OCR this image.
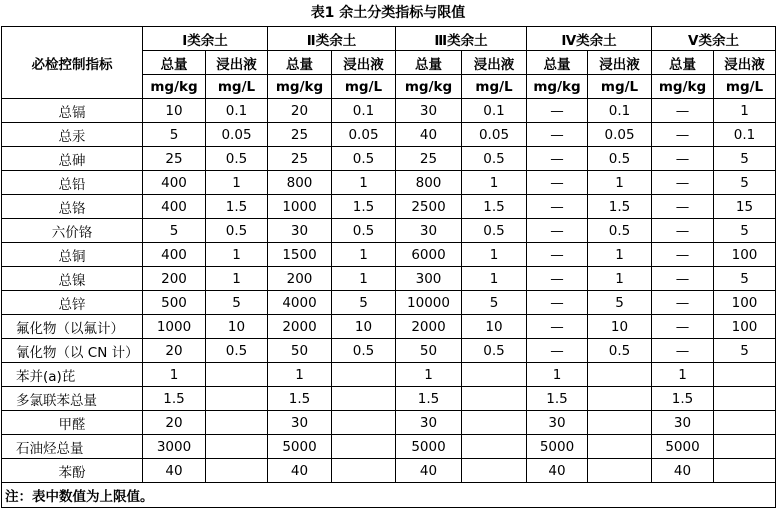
表1 余土分类指标与限值
必检控制指标	Ⅰ类余土		Ⅱ类余土		Ⅲ类余土		Ⅳ类余土		Ⅴ类余土	
	总量	浸出液	总量	浸出液	总量	浸出液	总量	浸出液	总量	浸出液
	mg/kg	mg/L	mg/kg	mg/L	mg/kg	mg/L	mg/kg	mg/L	mg/kg	mg/L
总镉	10	0.1	20	0.1	30	0.1	—	0.1	—	1
总汞	5	0.05	25	0.05	40	0.05	—	0.05	—	0.1
总砷	25	0.5	25	0.5	25	0.5	—	0.5	—	5
总铅	400	1	800	1	800	1	—	1	—	5
总铬	400	1.5	1000	1.5	2500	1.5	—	1.5	—	15
六价铬	5	0.5	30	0.5	30	0.5	—	0.5	—	5
总铜	400	1	1500	1	6000	1	—	1	—	100
总镍	200	1	200	1	300	1	—	1	—	5
总锌	500	5	4000	5	10000	5	—	5	—	100
氟化物（以氟计）	1000	10	2000	10	2000	10	—	10	—	100
氰化物（以 CN 计）	20	0.5	50	0.5	50	0.5	—	0.5	—	5
苯并(a)芘	1		1		1		1		1	
多氯联苯总量	1.5		1.5		1.5		1.5		1.5	
甲醛	20		30		30		30		30	
石油烃总量	3000		5000		5000		5000		5000	
苯酚	40		40		40		40		40	
注：表中数值为上限值。										
